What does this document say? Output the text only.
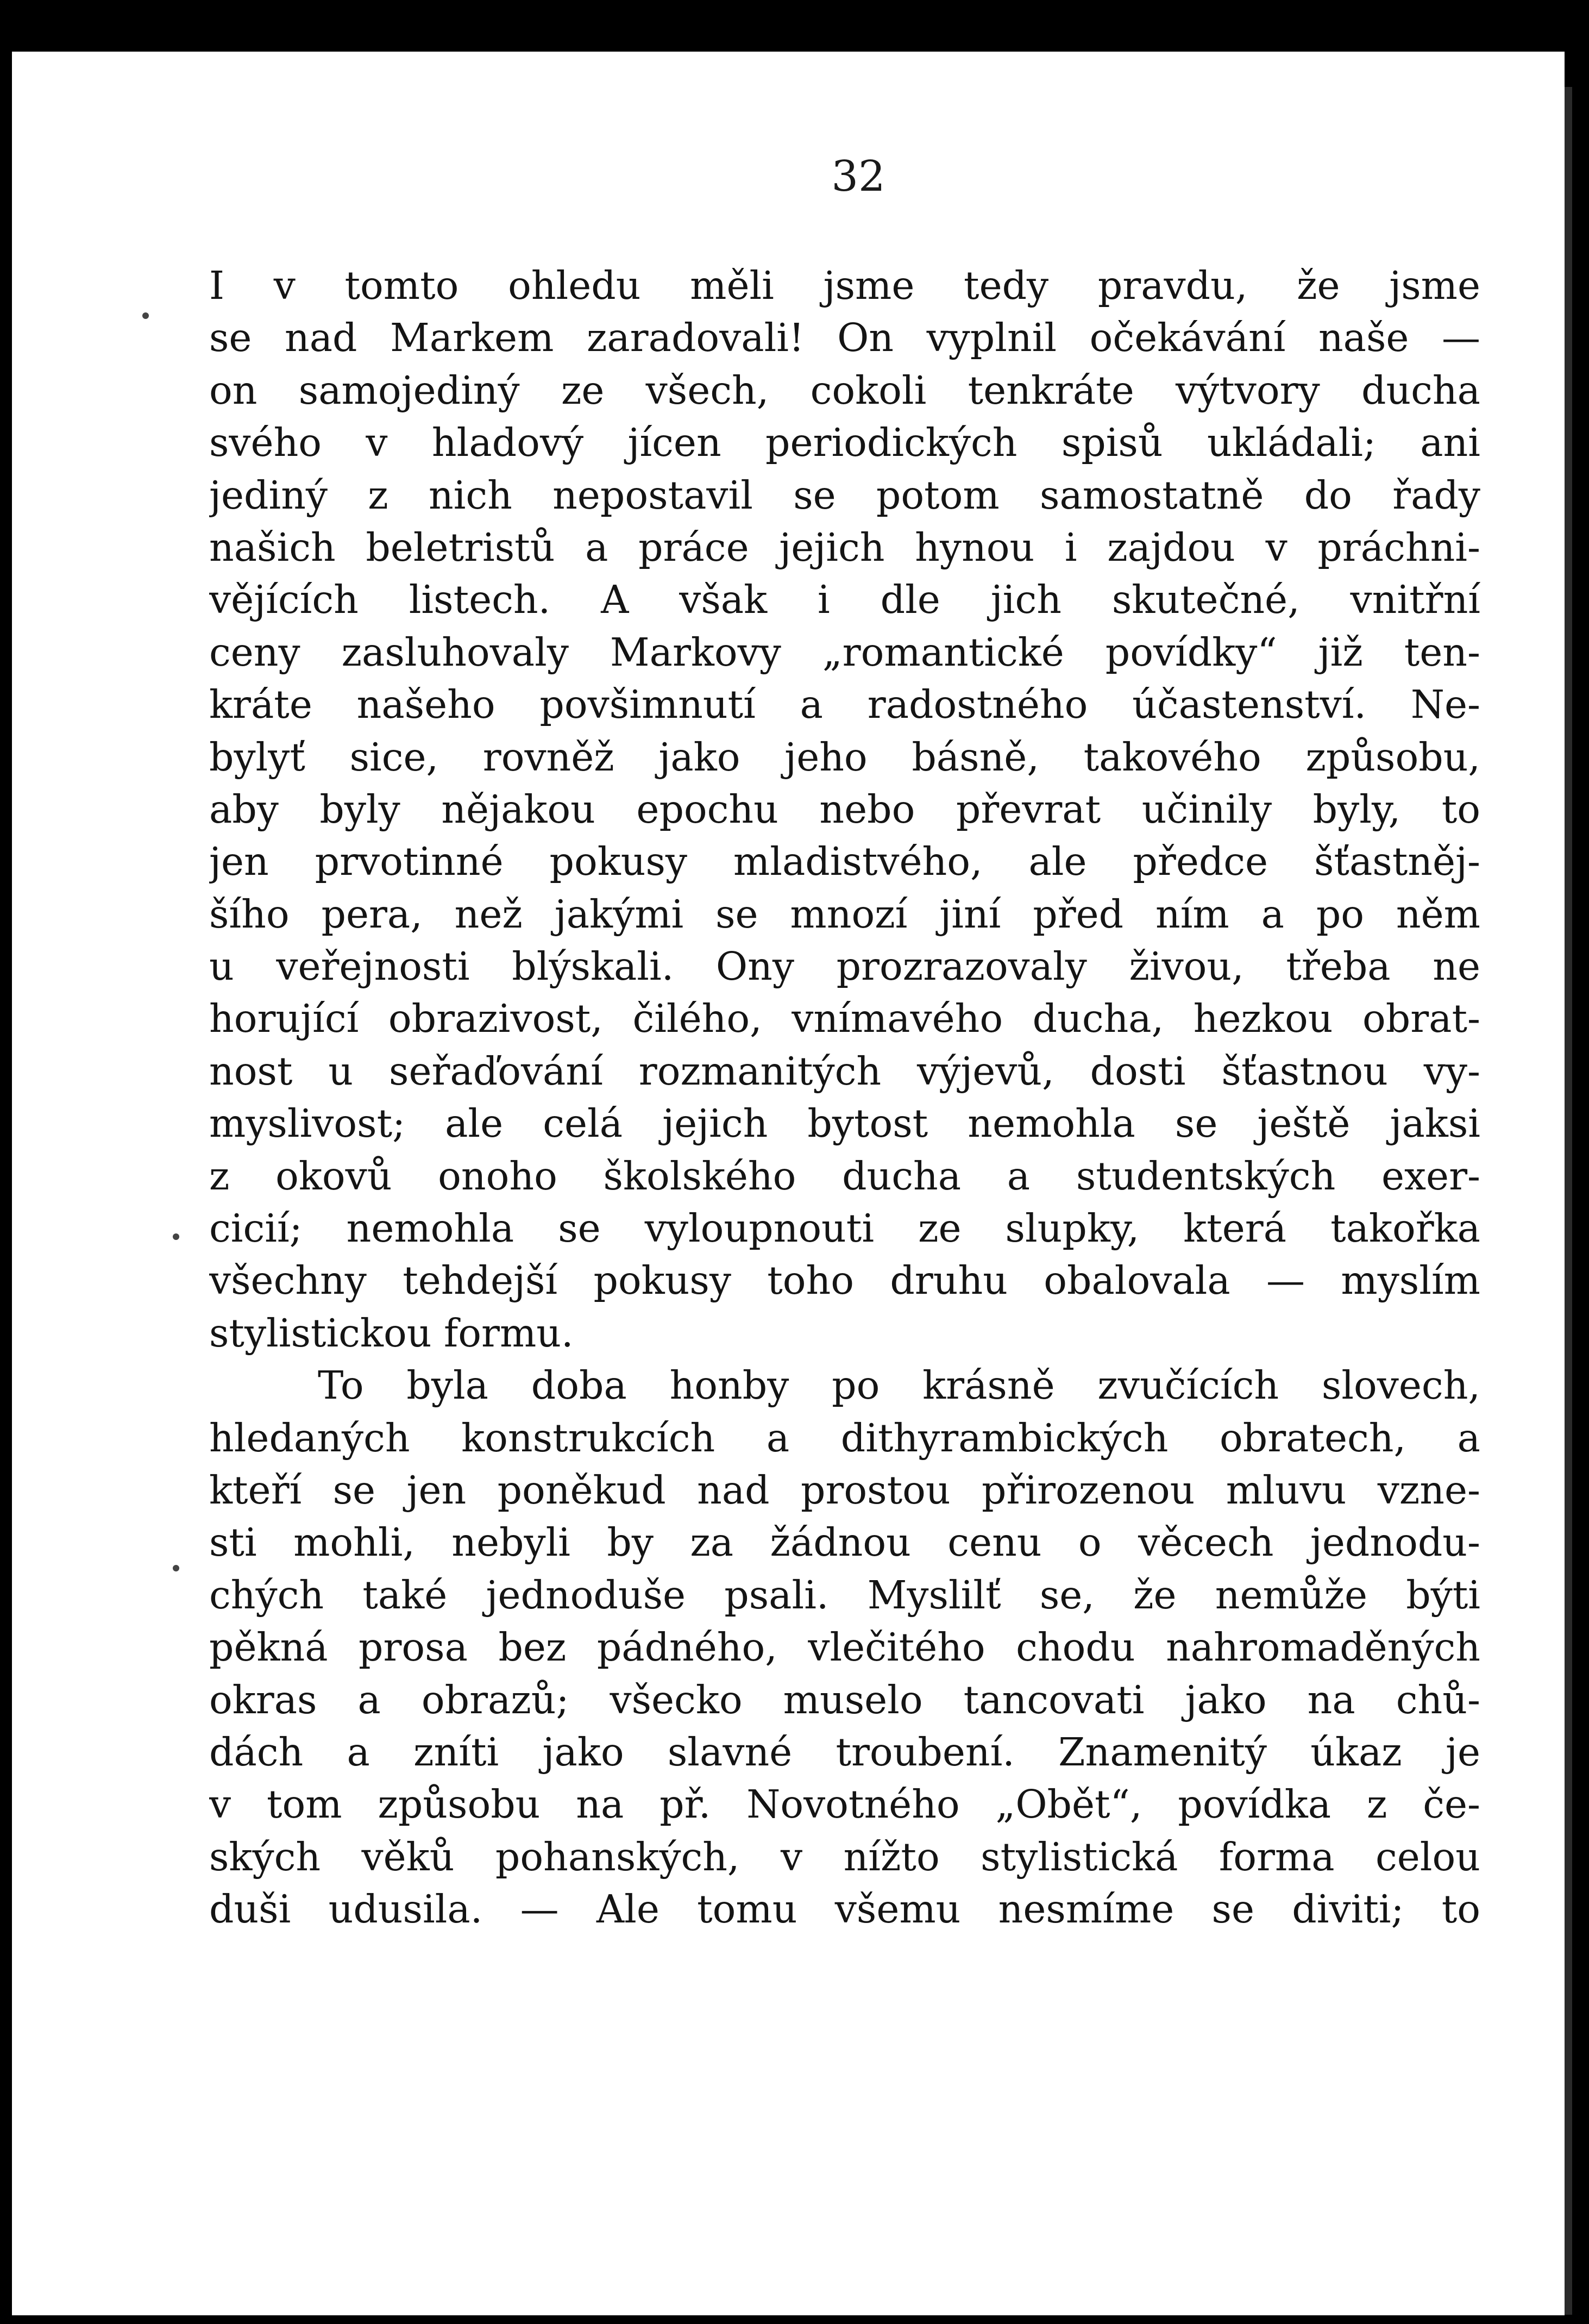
32
I v tomto ohledu měli jsme tedy pravdu, že jsme
se nad Markem zaradovali! On vyplnil očekávání naše —
on samojediný ze všech, cokoli tenkráte výtvory ducha
svého v hladový jícen periodických spisů ukládali; ani
jediný z nich nepostavil se potom samostatně do řady
našich beletristů a práce jejich hynou i zajdou v práchni-
vějících listech. A však i dle jich skutečné, vnitřní
ceny zasluhovaly Markovy „romantické povídky“ již ten-
kráte našeho povšimnutí a radostného účastenství. Ne-
bylyť sice, rovněž jako jeho básně, takového způsobu,
aby byly nějakou epochu nebo převrat učinily byly, to
jen prvotinné pokusy mladistvého, ale předce šťastněj-
šího pera, než jakými se mnozí jiní před ním a po něm
u veřejnosti blýskali. Ony prozrazovaly živou, třeba ne
horující obrazivost, čilého, vnímavého ducha, hezkou obrat-
nost u seřaďování rozmanitých výjevů, dosti šťastnou vy-
myslivost; ale celá jejich bytost nemohla se ještě jaksi
z okovů onoho školského ducha a studentských exer-
cicií; nemohla se vyloupnouti ze slupky, která takořka
všechny tehdejší pokusy toho druhu obalovala — myslím
stylistickou formu.
To byla doba honby po krásně zvučících slovech,
hledaných konstrukcích a dithyrambických obratech, a
kteří se jen poněkud nad prostou přirozenou mluvu vzne-
sti mohli, nebyli by za žádnou cenu o věcech jednodu-
chých také jednoduše psali. Myslilť se, že nemůže býti
pěkná prosa bez pádného, vlečitého chodu nahromaděných
okras a obrazů; všecko muselo tancovati jako na chů-
dách a zníti jako slavné troubení. Znamenitý úkaz je
v tom způsobu na př. Novotného „Obět“, povídka z če-
ských věků pohanských, v nížto stylistická forma celou
duši udusila. — Ale tomu všemu nesmíme se diviti; to
